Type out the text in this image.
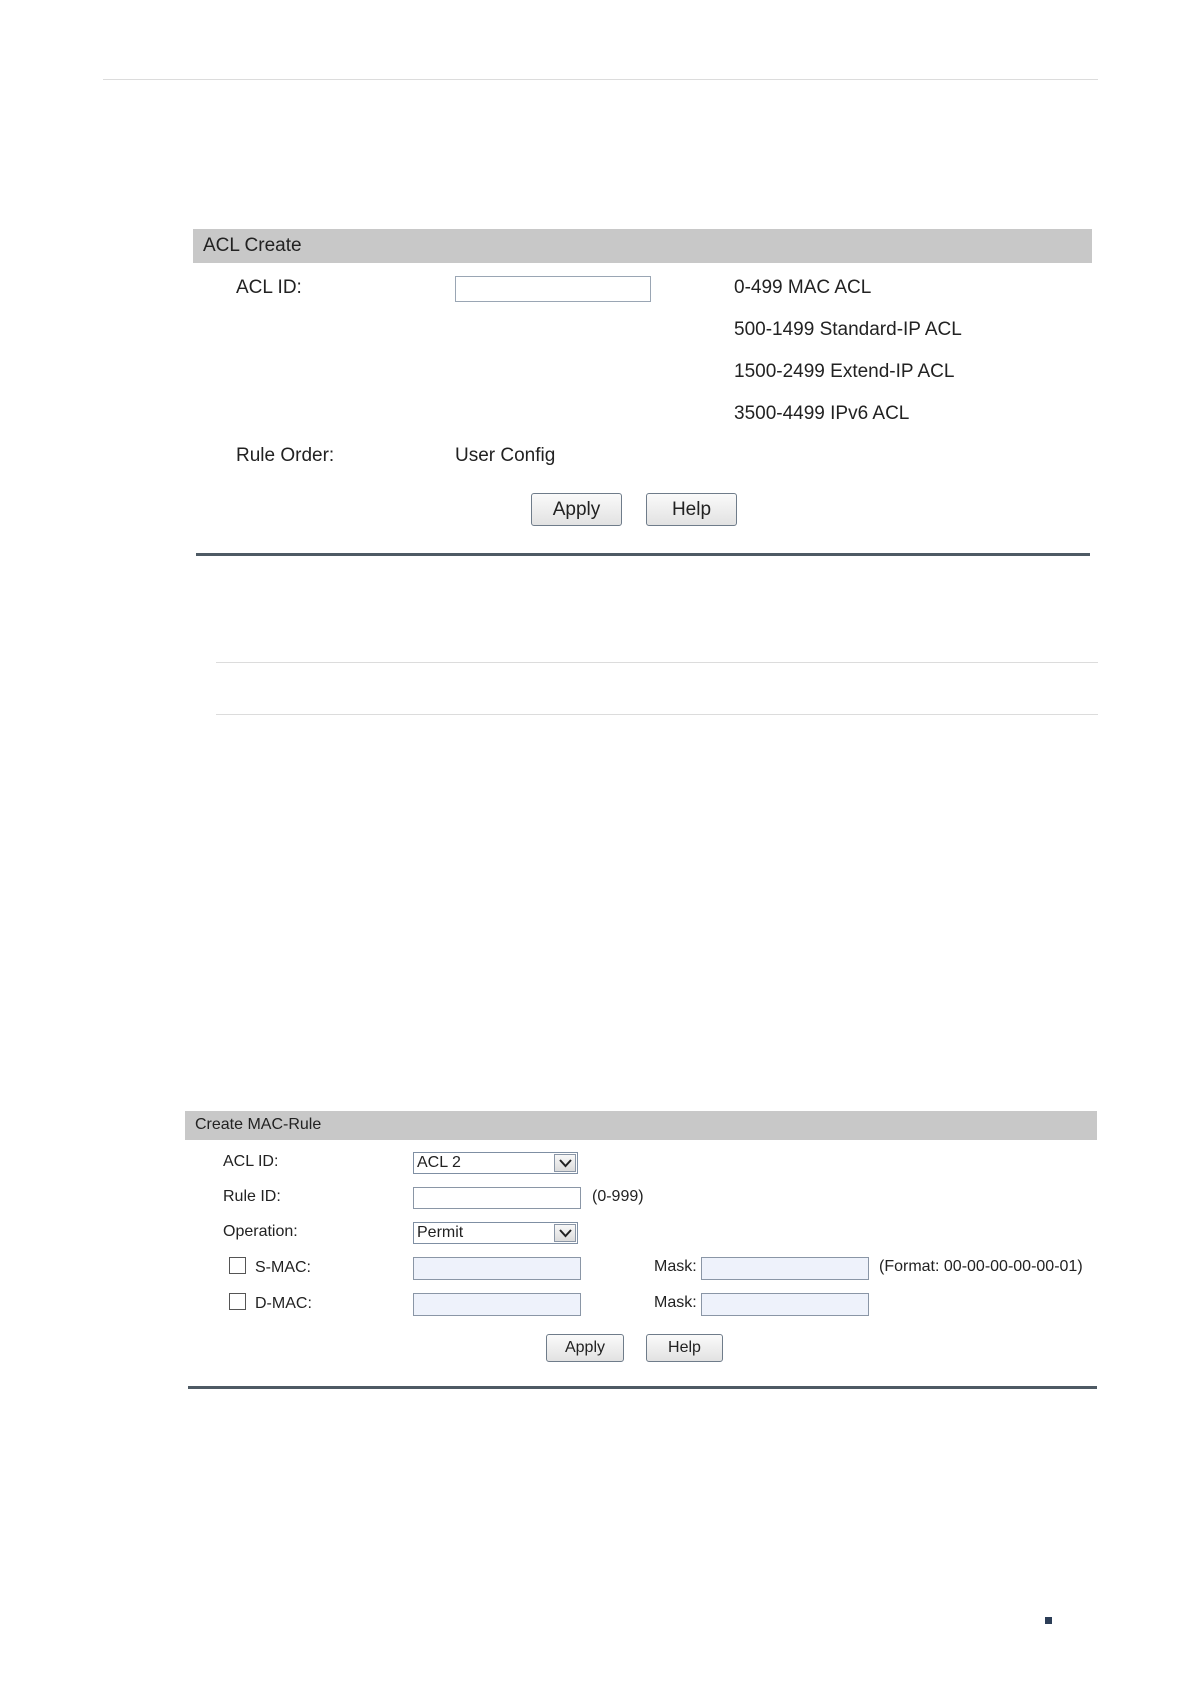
ACL Create
ACL ID:	0-499 MAC ACL
500-1499 Standard-IP ACL
1500-2499 Extend-IP ACL
3500-4499 IPv6 ACL
Rule Order:	User Config
Apply	Help
Create MAC-Rule
ACL ID:	ACL 2
Rule ID:	(0-999)
Operation:	Permit
S-MAC:	Mask:	(Format: 00-00-00-00-00-01)
D-MAC:	Mask:
Apply	Help
